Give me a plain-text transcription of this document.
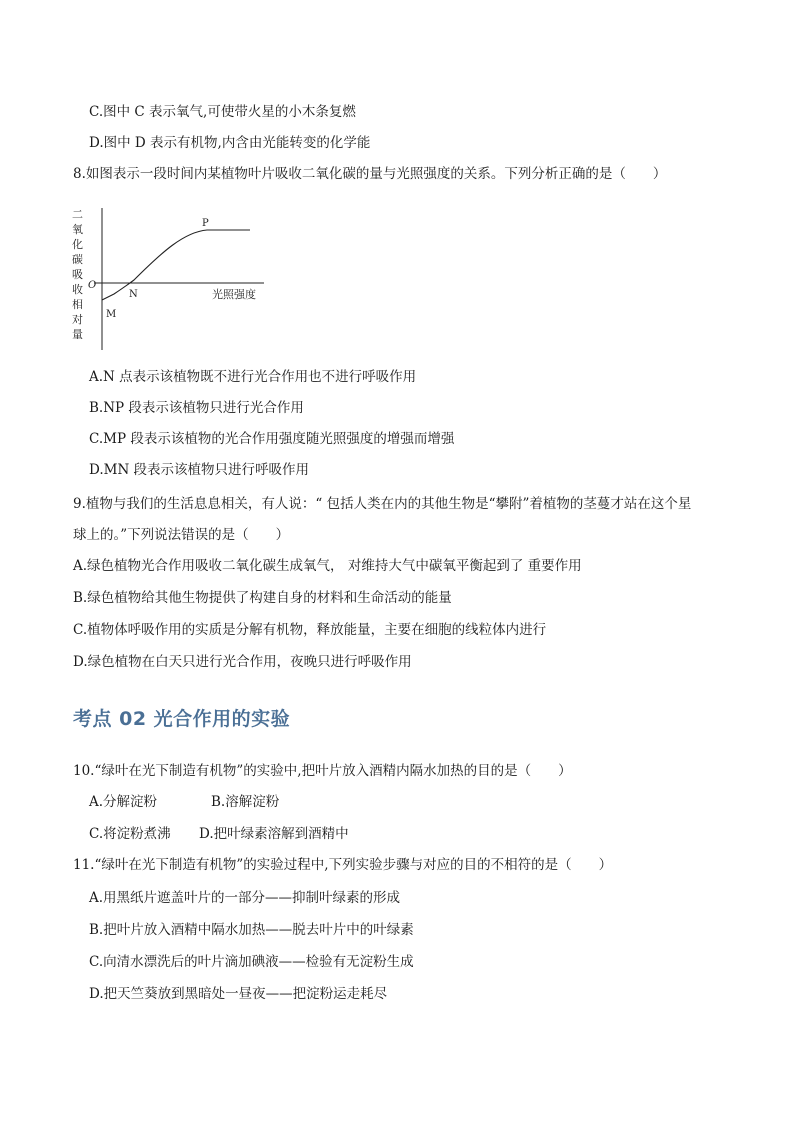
C.图中 C 表示氧气,可使带火星的小木条复燃
D.图中 D 表示有机物,内含由光能转变的化学能
8.如图表示一段时间内某植物叶片吸收二氧化碳的量与光照强度的关系。下列分析正确的是（　　）
二
氧
化
碳
吸
收
相
对
量
O
M
N
P
光照强度
A.N 点表示该植物既不进行光合作用也不进行呼吸作用
B.NP 段表示该植物只进行光合作用
C.MP 段表示该植物的光合作用强度随光照强度的增强而增强
D.MN 段表示该植物只进行呼吸作用
9.植物与我们的生活息息相关，有人说：“ 包括人类在内的其他生物是“攀附”着植物的茎蔓才站在这个星
球上的。”下列说法错误的是（　　）
A.绿色植物光合作用吸收二氧化碳生成氧气， 对维持大气中碳氧平衡起到了 重要作用
B.绿色植物给其他生物提供了构建自身的材料和生命活动的能量
C.植物体呼吸作用的实质是分解有机物，释放能量，主要在细胞的线粒体内进行
D.绿色植物在白天只进行光合作用，夜晚只进行呼吸作用
考点 02 光合作用的实验
10.“绿叶在光下制造有机物”的实验中,把叶片放入酒精内隔水加热的目的是（　　）
A.分解淀粉	B.溶解淀粉
C.将淀粉煮沸 D.把叶绿素溶解到酒精中
11.“绿叶在光下制造有机物”的实验过程中,下列实验步骤与对应的目的不相符的是（　　）
A.用黑纸片遮盖叶片的一部分——抑制叶绿素的形成
B.把叶片放入酒精中隔水加热——脱去叶片中的叶绿素
C.向清水漂洗后的叶片滴加碘液——检验有无淀粉生成
D.把天竺葵放到黑暗处一昼夜——把淀粉运走耗尽
